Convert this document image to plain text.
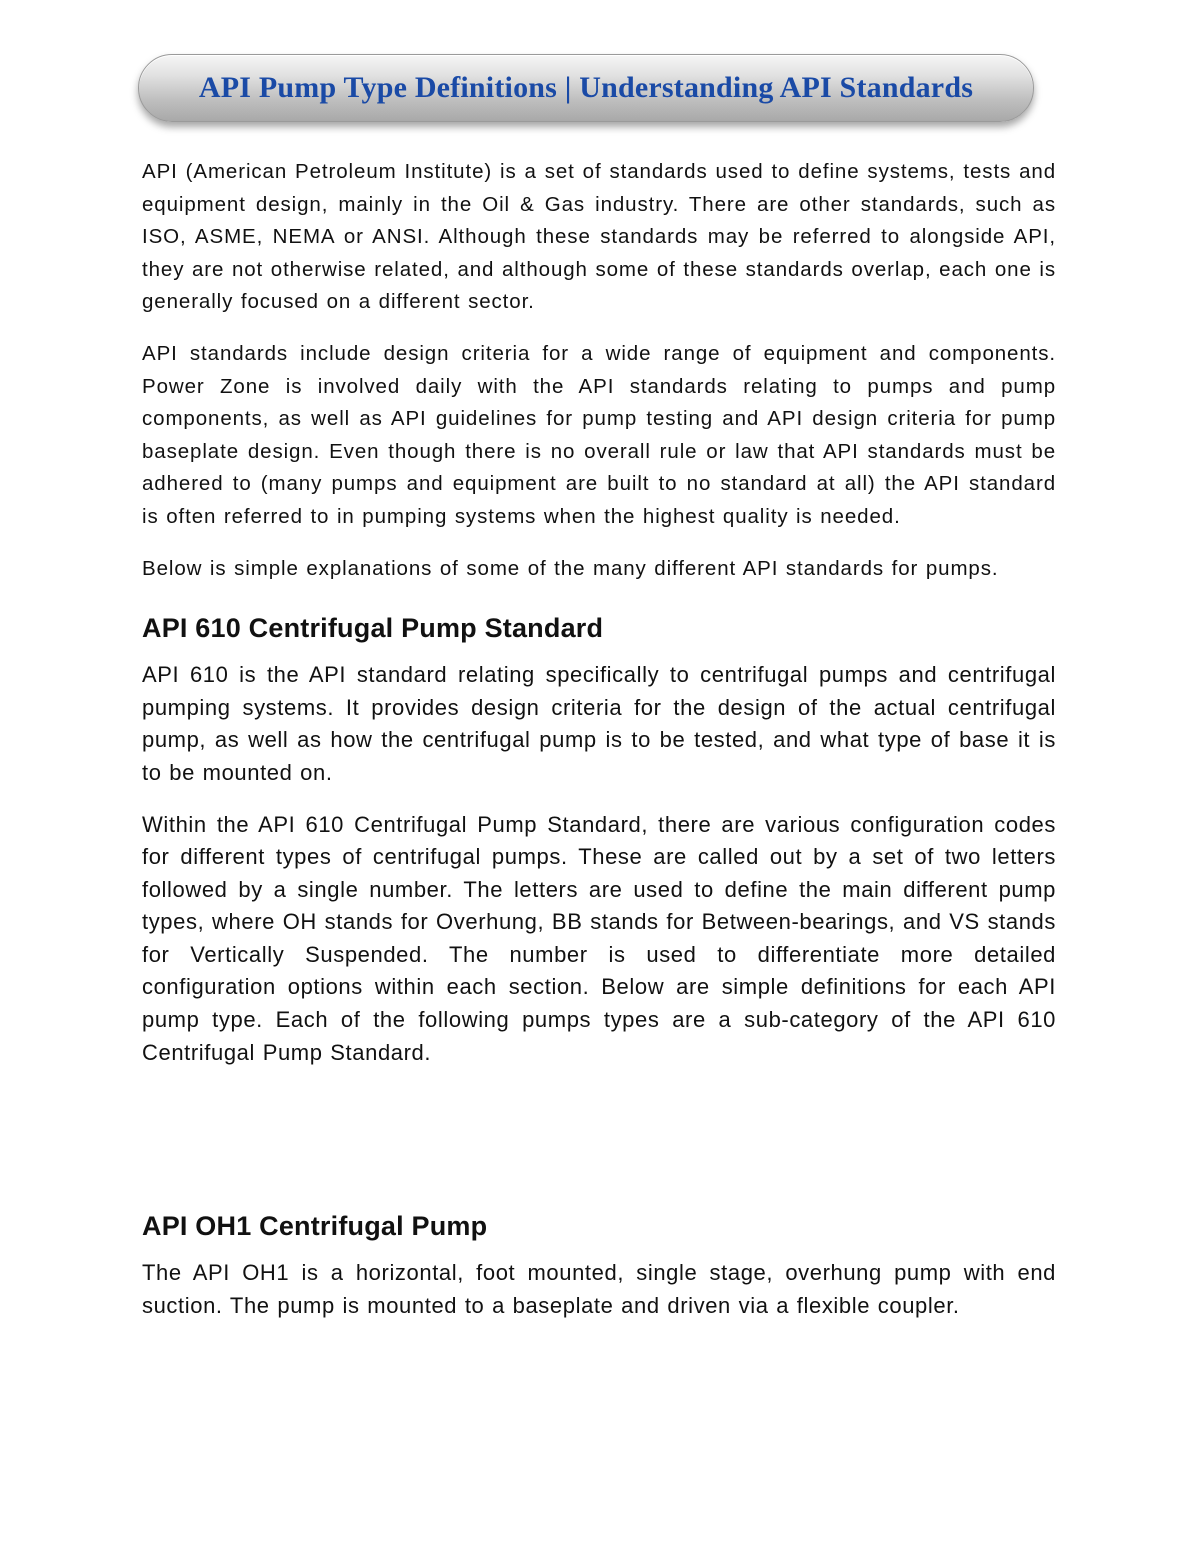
API Pump Type Definitions | Understanding API Standards

API (American Petroleum Institute) is a set of standards used to define systems, tests and equipment design, mainly in the Oil & Gas industry. There are other standards, such as ISO, ASME, NEMA or ANSI. Although these standards may be referred to alongside API, they are not otherwise related, and although some of these standards overlap, each one is generally focused on a different sector.

API standards include design criteria for a wide range of equipment and components. Power Zone is involved daily with the API standards relating to pumps and pump components, as well as API guidelines for pump testing and API design criteria for pump baseplate design. Even though there is no overall rule or law that API standards must be adhered to (many pumps and equipment are built to no standard at all) the API standard is often referred to in pumping systems when the highest quality is needed.

Below is simple explanations of some of the many different API standards for pumps.

API 610 Centrifugal Pump Standard

API 610 is the API standard relating specifically to centrifugal pumps and centrifugal pumping systems. It provides design criteria for the design of the actual centrifugal pump, as well as how the centrifugal pump is to be tested, and what type of base it is to be mounted on.

Within the API 610 Centrifugal Pump Standard, there are various configuration codes for different types of centrifugal pumps. These are called out by a set of two letters followed by a single number. The letters are used to define the main different pump types, where OH stands for Overhung, BB stands for Between-bearings, and VS stands for Vertically Suspended. The number is used to differentiate more detailed configuration options within each section. Below are simple definitions for each API pump type. Each of the following pumps types are a sub-category of the API 610 Centrifugal Pump Standard.

API OH1 Centrifugal Pump

The API OH1 is a horizontal, foot mounted, single stage, overhung pump with end suction. The pump is mounted to a baseplate and driven via a flexible coupler.
